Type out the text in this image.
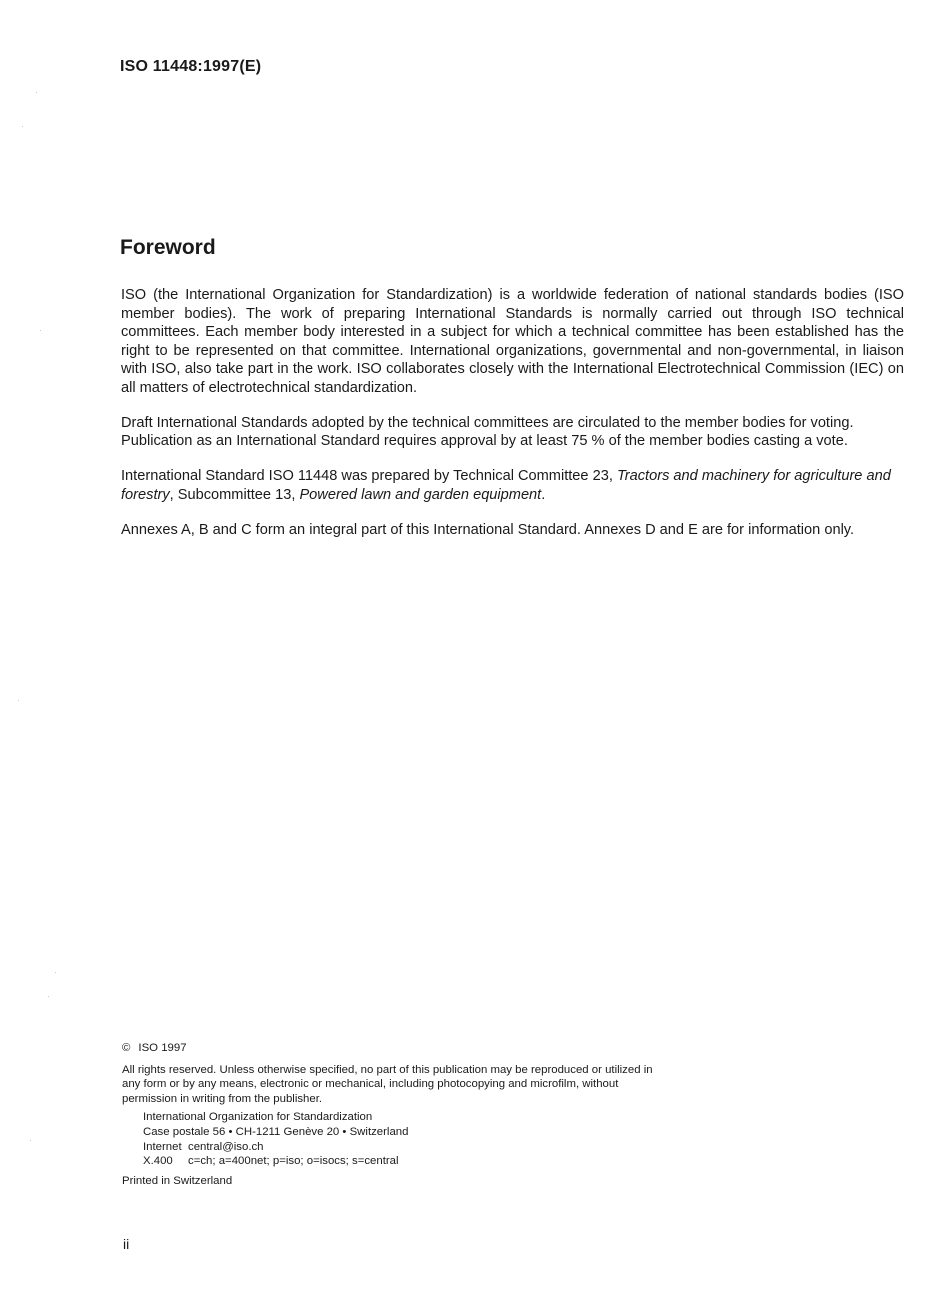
ISO 11448:1997(E)
Foreword

ISO (the International Organization for Standardization) is a worldwide federation of national standards bodies (ISO member bodies). The work of preparing International Standards is normally carried out through ISO technical committees. Each member body interested in a subject for which a technical committee has been established has the right to be represented on that committee. International organizations, governmental and non-governmental, in liaison with ISO, also take part in the work. ISO collaborates closely with the International Electrotechnical Commission (IEC) on all matters of electrotechnical standardization.

Draft International Standards adopted by the technical committees are circulated to the member bodies for voting. Publication as an International Standard requires approval by at least 75 % of the member bodies casting a vote.

International Standard ISO 11448 was prepared by Technical Committee 23, Tractors and machinery for agriculture and forestry, Subcommittee 13, Powered lawn and garden equipment.

Annexes A, B and C form an integral part of this International Standard. Annexes D and E are for information only.

© ISO 1997
All rights reserved. Unless otherwise specified, no part of this publication may be reproduced or utilized in any form or by any means, electronic or mechanical, including photocopying and microfilm, without permission in writing from the publisher.
International Organization for Standardization
Case postale 56 • CH-1211 Genève 20 • Switzerland
Internet central@iso.ch
X.400	c=ch; a=400net; p=iso; o=isocs; s=central
Printed in Switzerland
ii
